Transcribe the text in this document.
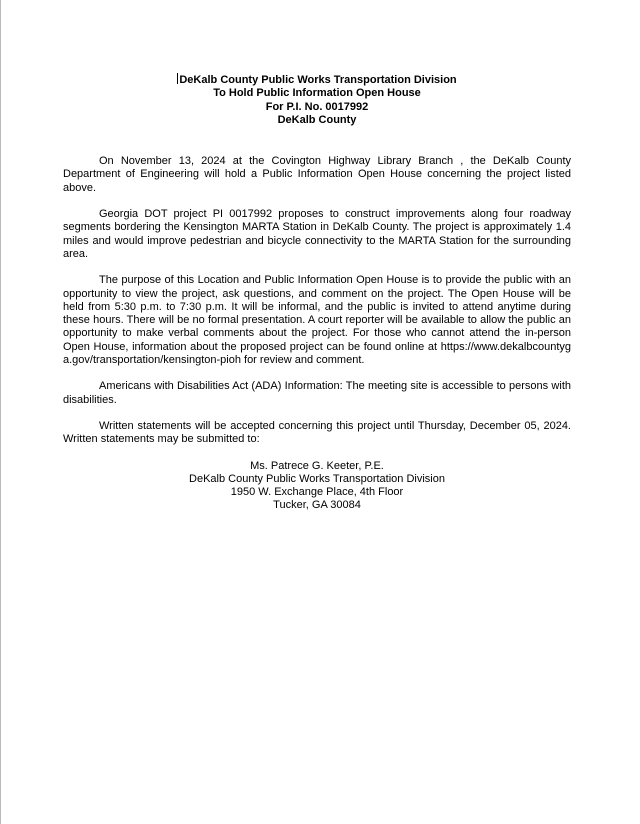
DeKalb County Public Works Transportation Division
To Hold Public Information Open House
For P.I. No. 0017992
DeKalb County

On November 13, 2024 at the Covington Highway Library Branch , the DeKalb County Department of Engineering will hold a Public Information Open House concerning the project listed above.

Georgia DOT project PI 0017992 proposes to construct improvements along four roadway segments bordering the Kensington MARTA Station in DeKalb County. The project is approximately 1.4 miles and would improve pedestrian and bicycle connectivity to the MARTA Station for the surrounding area.

The purpose of this Location and Public Information Open House is to provide the public with an opportunity to view the project, ask questions, and comment on the project. The Open House will be held from 5:30 p.m. to 7:30 p.m. It will be informal, and the public is invited to attend anytime during these hours. There will be no formal presentation. A court reporter will be available to allow the public an opportunity to make verbal comments about the project. For those who cannot attend the in-person Open House, information about the proposed project can be found online at https://www.dekalbcountyga.gov/transportation/kensington-pioh for review and comment.

Americans with Disabilities Act (ADA) Information: The meeting site is accessible to persons with disabilities.

Written statements will be accepted concerning this project until Thursday, December 05, 2024. Written statements may be submitted to:

Ms. Patrece G. Keeter, P.E.
DeKalb County Public Works Transportation Division
1950 W. Exchange Place, 4th Floor
Tucker, GA 30084
